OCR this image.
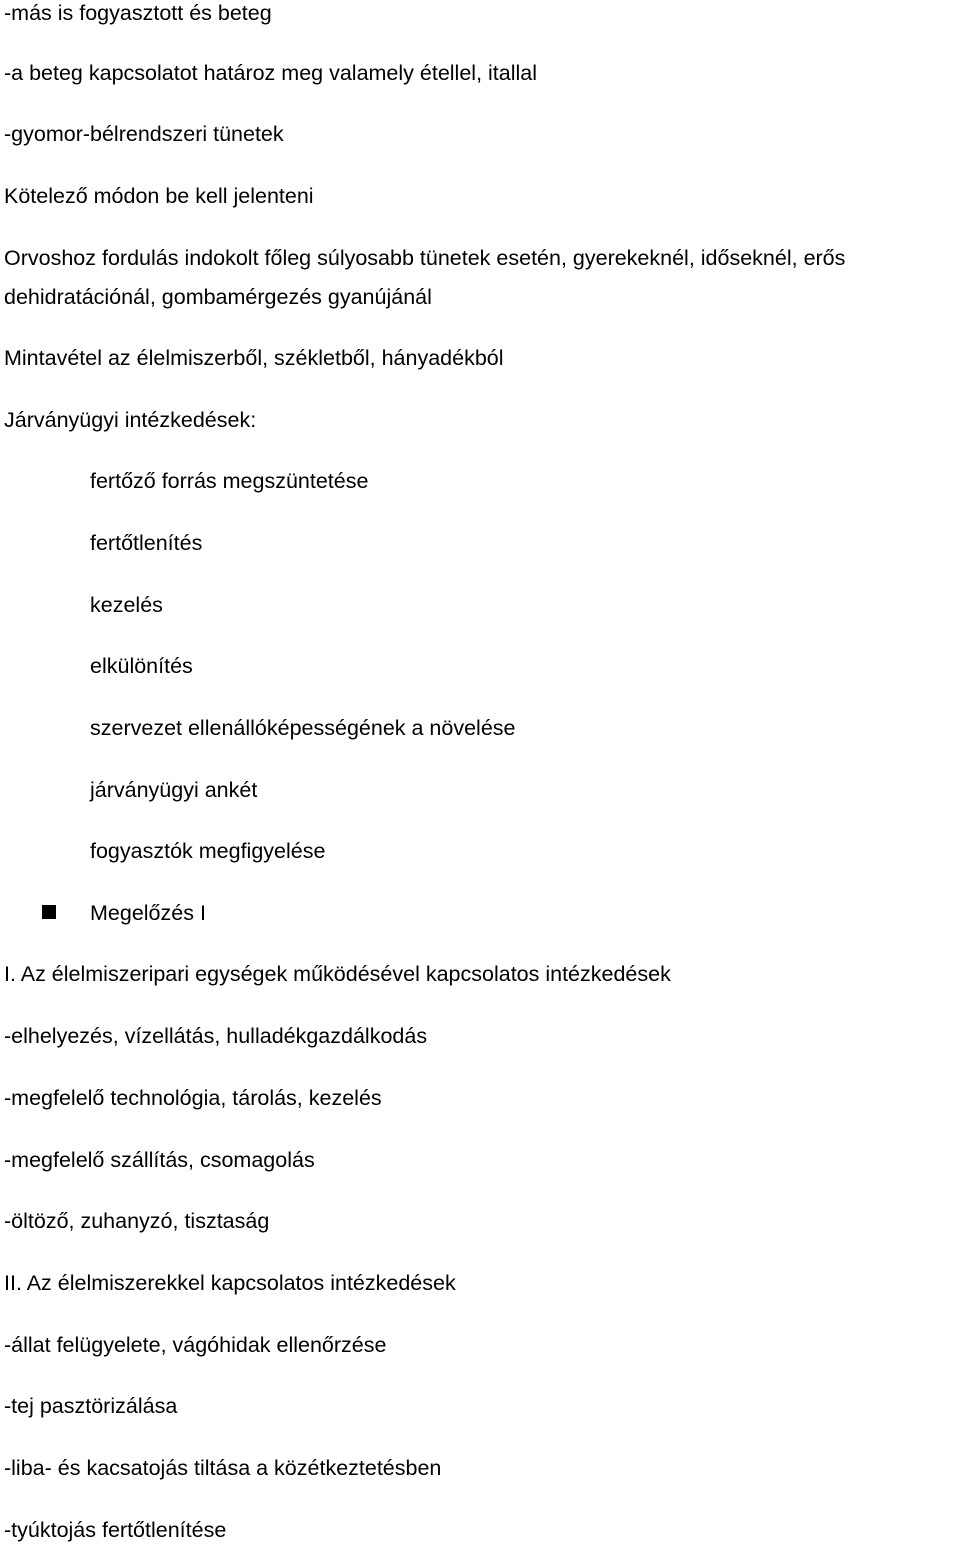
-más is fogyasztott és beteg
-a beteg kapcsolatot határoz meg valamely étellel, itallal
-gyomor-bélrendszeri tünetek
Kötelező módon be kell jelenteni
Orvoshoz fordulás indokolt főleg súlyosabb tünetek esetén, gyerekeknél, időseknél, erős
dehidratációnál, gombamérgezés gyanújánál
Mintavétel az élelmiszerből, székletből, hányadékból
Járványügyi intézkedések:
fertőző forrás megszüntetése
fertőtlenítés
kezelés
elkülönítés
szervezet ellenállóképességének a növelése
járványügyi ankét
fogyasztók megfigyelése
Megelőzés I
I. Az élelmiszeripari egységek működésével kapcsolatos intézkedések
-elhelyezés, vízellátás, hulladékgazdálkodás
-megfelelő technológia, tárolás, kezelés
-megfelelő szállítás, csomagolás
-öltöző, zuhanyzó, tisztaság
II. Az élelmiszerekkel kapcsolatos intézkedések
-állat felügyelete, vágóhidak ellenőrzése
-tej pasztörizálása
-liba- és kacsatojás tiltása a közétkeztetésben
-tyúktojás fertőtlenítése
